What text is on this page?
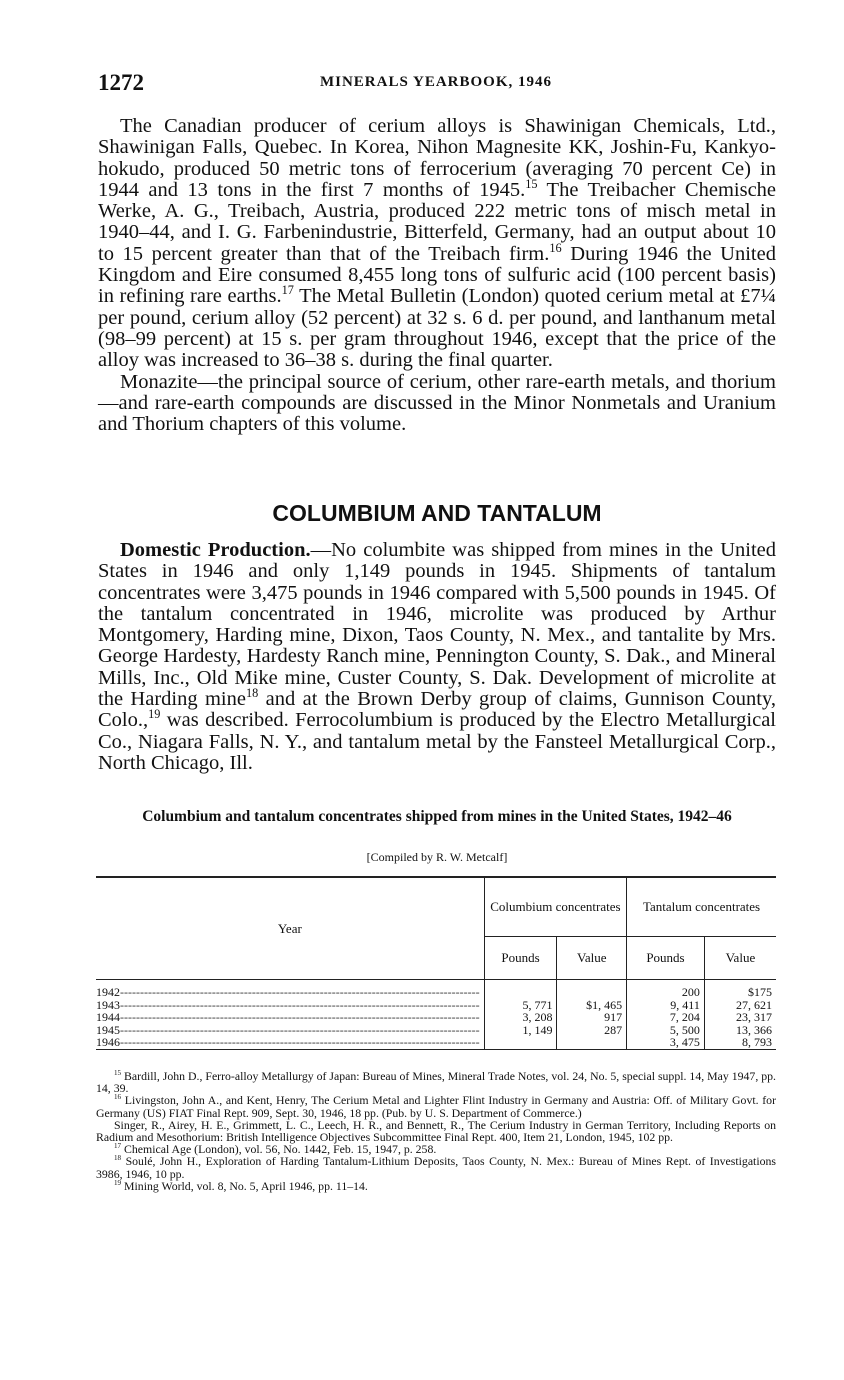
1272	MINERALS YEARBOOK, 1946

The Canadian producer of cerium alloys is Shawinigan Chemicals, Ltd., Shawinigan Falls, Quebec. In Korea, Nihon Magnesite KK, Joshin-Fu, Kankyo-hokudo, produced 50 metric tons of ferrocerium (averaging 70 percent Ce) in 1944 and 13 tons in the first 7 months of 1945.15 The Treibacher Chemische Werke, A. G., Treibach, Austria, produced 222 metric tons of misch metal in 1940–44, and I. G. Farbenindustrie, Bitterfeld, Germany, had an output about 10 to 15 percent greater than that of the Treibach firm.$^{16}$ During 1946 the United Kingdom and Eire consumed 8,455 long tons of sulfuric acid (100 percent basis) in refining rare earths.$^{17}$ The Metal Bulletin (London) quoted cerium metal at £7¼ per pound, cerium alloy (52 percent) at 32 s. 6 d. per pound, and lanthanum metal (98–99 percent) at 15 s. per gram throughout 1946, except that the price of the alloy was increased to 36–38 s. during the final quarter.

Monazite—the principal source of cerium, other rare-earth metals, and thorium—and rare-earth compounds are discussed in the Minor Nonmetals and Uranium and Thorium chapters of this volume.

COLUMBIUM AND TANTALUM

Domestic Production.—No columbite was shipped from mines in the United States in 1946 and only 1,149 pounds in 1945. Shipments of tantalum concentrates were 3,475 pounds in 1946 compared with 5,500 pounds in 1945. Of the tantalum concentrated in 1946, microlite was produced by Arthur Montgomery, Harding mine, Dixon, Taos County, N. Mex., and tantalite by Mrs. George Hardesty, Hardesty Ranch mine, Pennington County, S. Dak., and Mineral Mills, Inc., Old Mike mine, Custer County, S. Dak. Development of microlite at the Harding mine$^{18}$ and at the Brown Derby group of claims, Gunnison County, Colo.,$^{19}$ was described. Ferrocolumbium is produced by the Electro Metallurgical Co., Niagara Falls, N. Y., and tantalum metal by the Fansteel Metallurgical Corp., North Chicago, Ill.

Columbium and tantalum concentrates shipped from mines in the United States, 1942–46
[Compiled by R. W. Metcalf]
Year	Columbium concentrates		Tantalum concentrates	
	Pounds	Value	Pounds	Value
1942------------------------------------------------------------------------------------------			200	$175
1943------------------------------------------------------------------------------------------	5, 771	$1, 465	9, 411	27, 621
1944------------------------------------------------------------------------------------------	3, 208	917	7, 204	23, 317
1945------------------------------------------------------------------------------------------	1, 149	287	5, 500	13, 366
1946------------------------------------------------------------------------------------------			3, 475	8, 793

$^{15}$ Bardill, John D., Ferro-alloy Metallurgy of Japan: Bureau of Mines, Mineral Trade Notes, vol. 24, No. 5, special suppl. 14, May 1947, pp. 14, 39.

$^{16}$ Livingston, John A., and Kent, Henry, The Cerium Metal and Lighter Flint Industry in Germany and Austria: Off. of Military Govt. for Germany (US) FIAT Final Rept. 909, Sept. 30, 1946, 18 pp. (Pub. by U. S. Department of Commerce.)

Singer, R., Airey, H. E., Grimmett, L. C., Leech, H. R., and Bennett, R., The Cerium Industry in German Territory, Including Reports on Radium and Mesothorium: British Intelligence Objectives Subcommittee Final Rept. 400, Item 21, London, 1945, 102 pp.

$^{17}$ Chemical Age (London), vol. 56, No. 1442, Feb. 15, 1947, p. 258.

$^{18}$ Soulé, John H., Exploration of Harding Tantalum-Lithium Deposits, Taos County, N. Mex.: Bureau of Mines Rept. of Investigations 3986, 1946, 10 pp.

$^{19}$ Mining World, vol. 8, No. 5, April 1946, pp. 11–14.
